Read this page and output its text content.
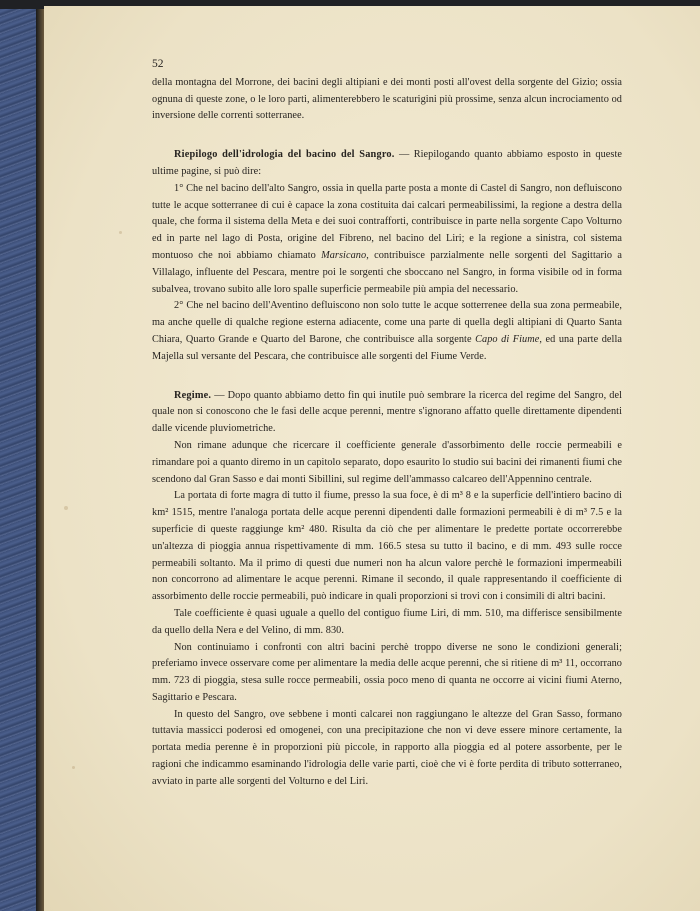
52

della montagna del Morrone, dei bacini degli altipiani e dei monti posti all'ovest della sorgente del Gizio; ossia ognuna di queste zone, o le loro parti, alimenterebbero le scaturigini più prossime, senza alcun incrociamento od inversione delle correnti sotterranee.

Riepilogo dell'idrologia del bacino del Sangro. — Riepilogando quanto abbiamo esposto in queste ultime pagine, si può dire:

1° Che nel bacino dell'alto Sangro, ossia in quella parte posta a monte di Castel di Sangro, non defluiscono tutte le acque sotterranee di cui è capace la zona costituita dai calcari permeabilissimi, la regione a destra della quale, che forma il sistema della Meta e dei suoi contrafforti, contribuisce in parte nella sorgente Capo Volturno ed in parte nel lago di Posta, origine del Fibreno, nel bacino del Liri; e la regione a sinistra, col sistema montuoso che noi abbiamo chiamato Marsicano, contribuisce parzialmente nelle sorgenti del Sagittario a Villalago, influente del Pescara, mentre poi le sorgenti che sboccano nel Sangro, in forma visibile od in forma subalvea, trovano subito alle loro spalle superficie permeabile più ampia del necessario.

2° Che nel bacino dell'Aventino defluiscono non solo tutte le acque sotterrenee della sua zona permeabile, ma anche quelle di qualche regione esterna adiacente, come una parte di quella degli altipiani di Quarto Santa Chiara, Quarto Grande e Quarto del Barone, che contribuisce alla sorgente Capo di Fiume, ed una parte della Majella sul versante del Pescara, che contribuisce alle sorgenti del Fiume Verde.

Regime. — Dopo quanto abbiamo detto fin qui inutile può sembrare la ricerca del regime del Sangro, del quale non si conoscono che le fasi delle acque perenni, mentre s'ignorano affatto quelle direttamente dipendenti dalle vicende pluviometriche.

Non rimane adunque che ricercare il coefficiente generale d'assorbimento delle roccie permeabili e rimandare poi a quanto diremo in un capitolo separato, dopo esaurito lo studio sui bacini dei rimanenti fiumi che scendono dal Gran Sasso e dai monti Sibillini, sul regime dell'ammasso calcareo dell'Appennino centrale.

La portata di forte magra di tutto il fiume, presso la sua foce, è di m³ 8 e la superficie dell'intiero bacino di km² 1515, mentre l'analoga portata delle acque perenni dipendenti dalle formazioni permeabili è di m³ 7.5 e la superficie di queste raggiunge km² 480. Risulta da ciò che per alimentare le predette portate occorrerebbe un'altezza di pioggia annua rispettivamente di mm. 166.5 stesa su tutto il bacino, e di mm. 493 sulle rocce permeabili soltanto. Ma il primo di questi due numeri non ha alcun valore perchè le formazioni impermeabili non concorrono ad alimentare le acque perenni. Rimane il secondo, il quale rappresentando il coefficiente di assorbimento delle roccie permeabili, può indicare in quali proporzioni si trovi con i consimili di altri bacini.

Tale coefficiente è quasi uguale a quello del contiguo fiume Liri, di mm. 510, ma differisce sensibilmente da quello della Nera e del Velino, di mm. 830.

Non continuiamo i confronti con altri bacini perchè troppo diverse ne sono le condizioni generali; preferiamo invece osservare come per alimentare la media delle acque perenni, che si ritiene di m³ 11, occorrano mm. 723 di pioggia, stesa sulle rocce permeabili, ossia poco meno di quanta ne occorre ai vicini fiumi Aterno, Sagittario e Pescara.

In questo del Sangro, ove sebbene i monti calcarei non raggiungano le altezze del Gran Sasso, formano tuttavia massicci poderosi ed omogenei, con una precipitazione che non vi deve essere minore certamente, la portata media perenne è in proporzioni più piccole, in rapporto alla pioggia ed al potere assorbente, per le ragioni che indicammo esaminando l'idrologia delle varie parti, cioè che vi è forte perdita di tributo sotterraneo, avviato in parte alle sorgenti del Volturno e del Liri.
